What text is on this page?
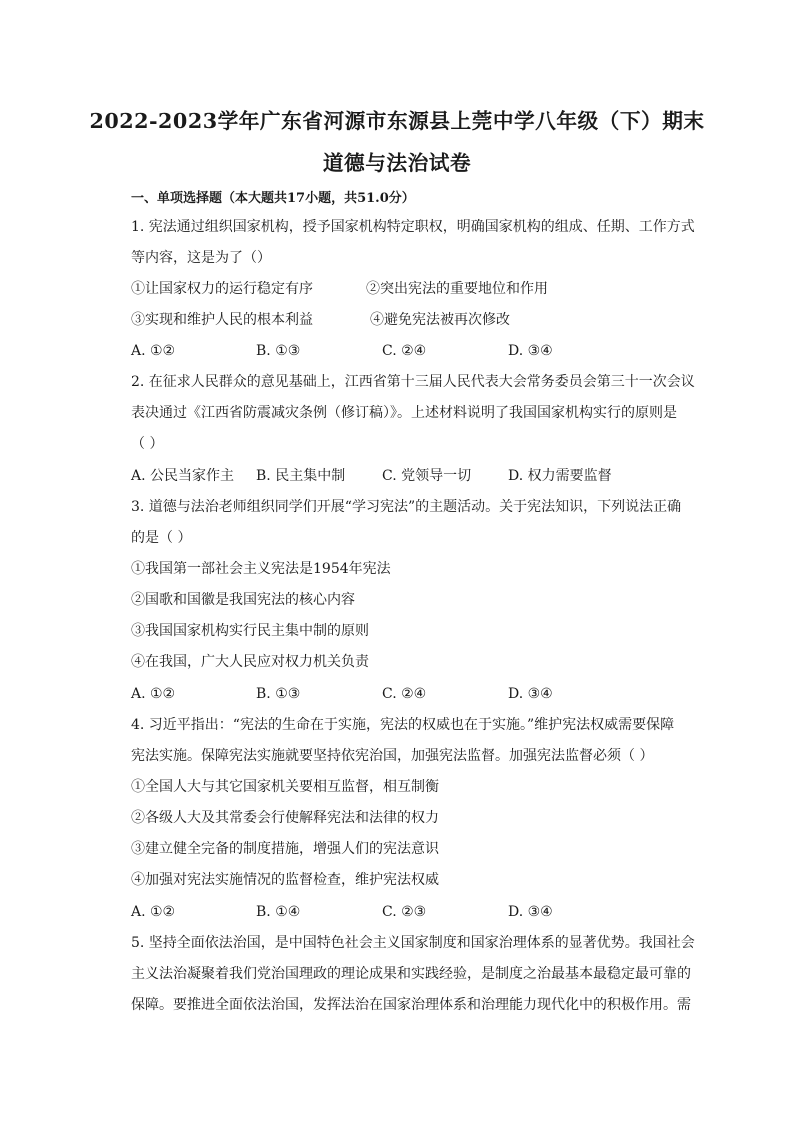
2022-2023学年广东省河源市东源县上莞中学八年级（下）期末
道德与法治试卷
一、单项选择题（本大题共17小题，共51.0分）
1. 宪法通过组织国家机构，授予国家机构特定职权，明确国家机构的组成、任期、工作方式
等内容，这是为了（）
①让国家权力的运行稳定有序	②突出宪法的重要地位和作用
③实现和维护人民的根本利益	④避免宪法被再次修改
A. ①②	B. ①③	C. ②④	D. ③④
2. 在征求人民群众的意见基础上，江西省第十三届人民代表大会常务委员会第三十一次会议
表决通过《江西省防震减灾条例（修订稿）》。上述材料说明了我国国家机构实行的原则是
（ ）
A. 公民当家作主 B. 民主集中制	C. 党领导一切	D. 权力需要监督
3. 道德与法治老师组织同学们开展“学习宪法”的主题活动。关于宪法知识，下列说法正确
的是（ ）
①我国第一部社会主义宪法是1954年宪法
②国歌和国徽是我国宪法的核心内容
③我国国家机构实行民主集中制的原则
④在我国，广大人民应对权力机关负责
A. ①②	B. ①③	C. ②④	D. ③④
4. 习近平指出：“宪法的生命在于实施，宪法的权威也在于实施。”维护宪法权威需要保障
宪法实施。保障宪法实施就要坚持依宪治国，加强宪法监督。加强宪法监督必须（ ）
①全国人大与其它国家机关要相互监督，相互制衡
②各级人大及其常委会行使解释宪法和法律的权力
③建立健全完备的制度措施，增强人们的宪法意识
④加强对宪法实施情况的监督检查，维护宪法权威
A. ①②	B. ①④	C. ②③	D. ③④
5. 坚持全面依法治国，是中国特色社会主义国家制度和国家治理体系的显著优势。我国社会
主义法治凝聚着我们党治国理政的理论成果和实践经验，是制度之治最基本最稳定最可靠的
保障。要推进全面依法治国，发挥法治在国家治理体系和治理能力现代化中的积极作用。需
